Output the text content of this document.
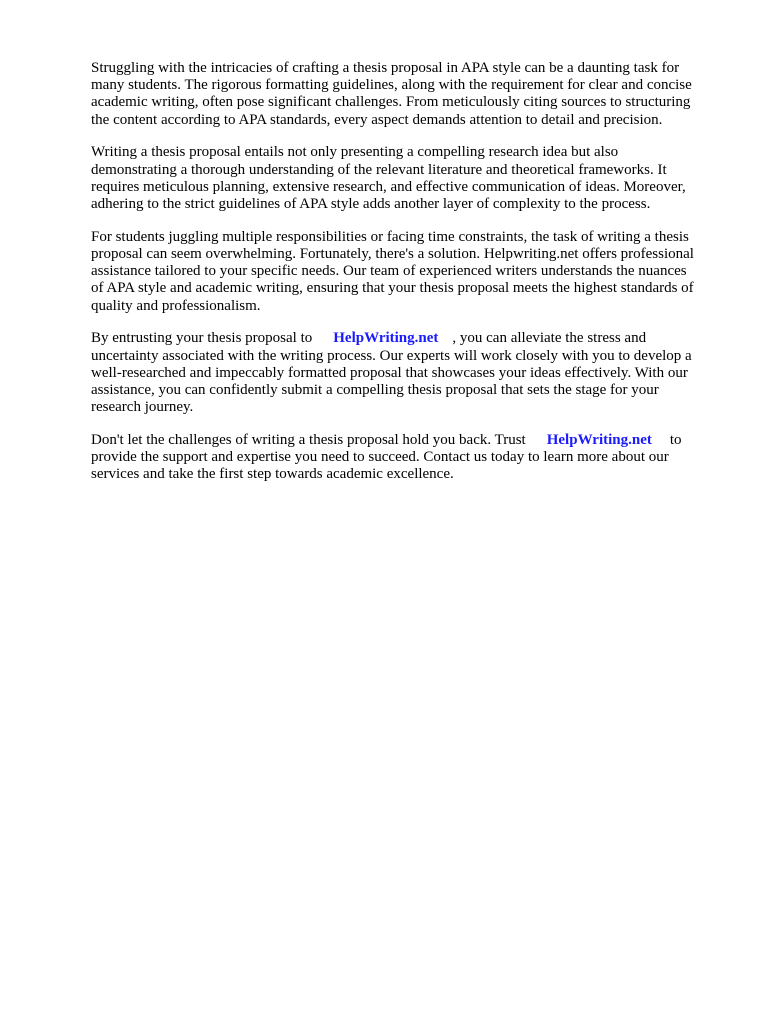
Struggling with the intricacies of crafting a thesis proposal in APA style can be a daunting task for
many students. The rigorous formatting guidelines, along with the requirement for clear and concise
academic writing, often pose significant challenges. From meticulously citing sources to structuring
the content according to APA standards, every aspect demands attention to detail and precision.

Writing a thesis proposal entails not only presenting a compelling research idea but also
demonstrating a thorough understanding of the relevant literature and theoretical frameworks. It
requires meticulous planning, extensive research, and effective communication of ideas. Moreover,
adhering to the strict guidelines of APA style adds another layer of complexity to the process.

For students juggling multiple responsibilities or facing time constraints, the task of writing a thesis
proposal can seem overwhelming. Fortunately, there's a solution. Helpwriting.net offers professional
assistance tailored to your specific needs. Our team of experienced writers understands the nuances
of APA style and academic writing, ensuring that your thesis proposal meets the highest standards of
quality and professionalism.

By entrusting your thesis proposal to HelpWriting.net , you can alleviate the stress and
uncertainty associated with the writing process. Our experts will work closely with you to develop a
well-researched and impeccably formatted proposal that showcases your ideas effectively. With our
assistance, you can confidently submit a compelling thesis proposal that sets the stage for your
research journey.

Don't let the challenges of writing a thesis proposal hold you back. Trust HelpWriting.net to
provide the support and expertise you need to succeed. Contact us today to learn more about our
services and take the first step towards academic excellence.
